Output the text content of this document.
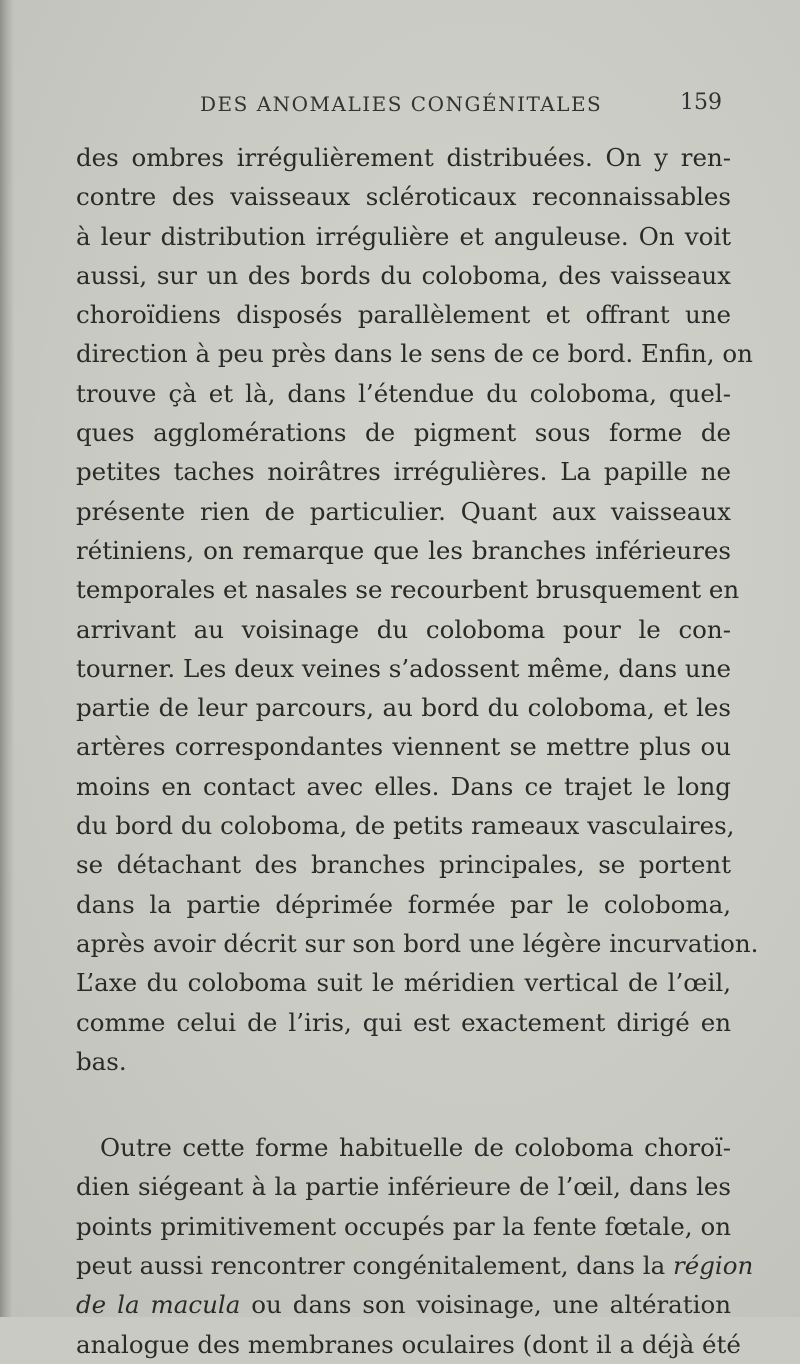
DES ANOMALIES CONGÉNITALES	159
des ombres irrégulièrement distribuées. On y ren-
contre des vaisseaux scléroticaux reconnaissables
à leur distribution irrégulière et anguleuse. On voit
aussi, sur un des bords du coloboma, des vaisseaux
choroïdiens disposés parallèlement et offrant une
direction à peu près dans le sens de ce bord. Enfin, on
trouve çà et là, dans l’étendue du coloboma, quel-
ques agglomérations de pigment sous forme de
petites taches noirâtres irrégulières. La papille ne
présente rien de particulier. Quant aux vaisseaux
rétiniens, on remarque que les branches inférieures
temporales et nasales se recourbent brusquement en
arrivant au voisinage du coloboma pour le con-
tourner. Les deux veines s’adossent même, dans une
partie de leur parcours, au bord du coloboma, et les
artères correspondantes viennent se mettre plus ou
moins en contact avec elles. Dans ce trajet le long
du bord du coloboma, de petits rameaux vasculaires,
se détachant des branches principales, se portent
dans la partie déprimée formée par le coloboma,
après avoir décrit sur son bord une légère incurvation.
L’axe du coloboma suit le méridien vertical de l’œil,
comme celui de l’iris, qui est exactement dirigé en
bas.
Outre cette forme habituelle de coloboma choroï-
dien siégeant à la partie inférieure de l’œil, dans les
points primitivement occupés par la fente fœtale, on
peut aussi rencontrer congénitalement, dans la région
de la macula ou dans son voisinage, une altération
analogue des membranes oculaires (dont il a déjà été
